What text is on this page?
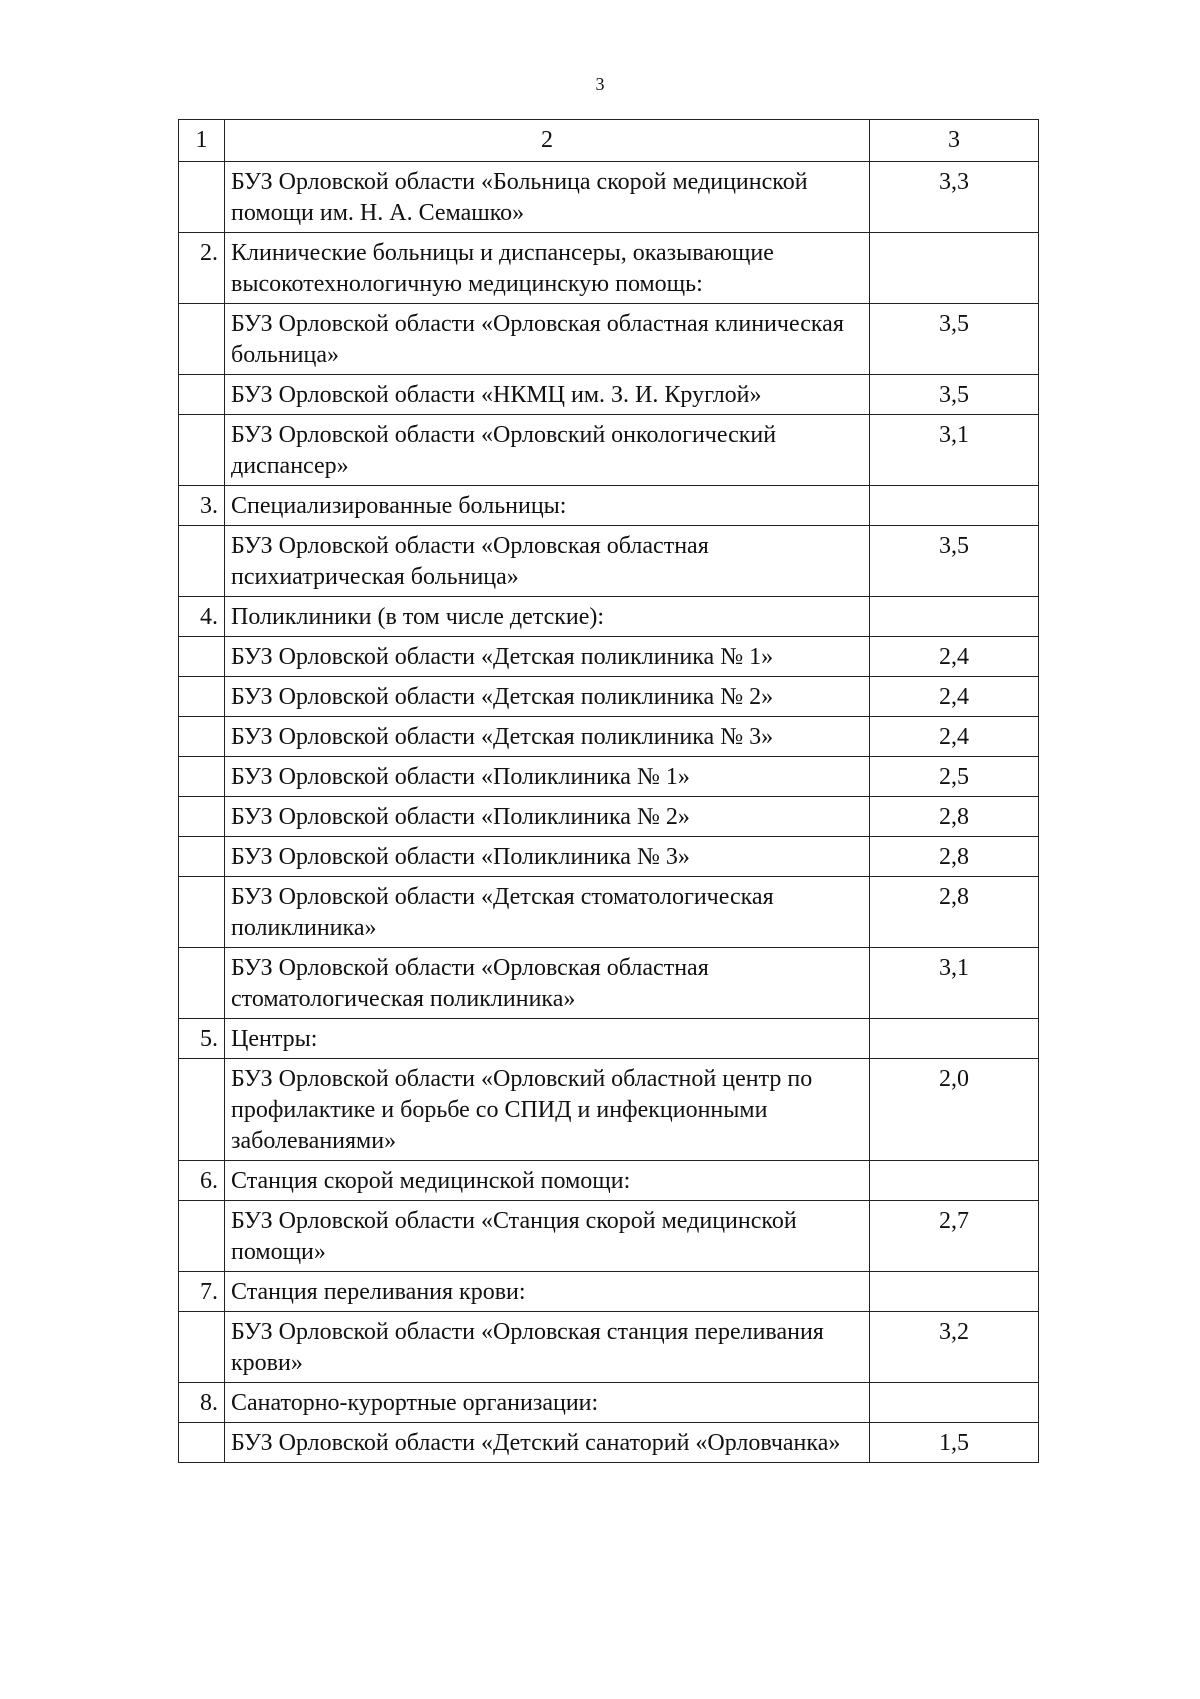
3
1	2	3
	БУЗ Орловской области «Больница скорой медицинской помощи им. Н. А. Семашко»	3,3
2.	Клинические больницы и диспансеры, оказывающие высокотехнологичную медицинскую помощь:	
	БУЗ Орловской области «Орловская областная клиническая больница»	3,5
	БУЗ Орловской области «НКМЦ им. З. И. Круглой»	3,5
	БУЗ Орловской области «Орловский онкологический диспансер»	3,1
3.	Специализированные больницы:	
	БУЗ Орловской области «Орловская областная психиатрическая больница»	3,5
4.	Поликлиники (в том числе детские):	
	БУЗ Орловской области «Детская поликлиника № 1»	2,4
	БУЗ Орловской области «Детская поликлиника № 2»	2,4
	БУЗ Орловской области «Детская поликлиника № 3»	2,4
	БУЗ Орловской области «Поликлиника № 1»	2,5
	БУЗ Орловской области «Поликлиника № 2»	2,8
	БУЗ Орловской области «Поликлиника № 3»	2,8
	БУЗ Орловской области «Детская стоматологическая поликлиника»	2,8
	БУЗ Орловской области «Орловская областная стоматологическая поликлиника»	3,1
5.	Центры:	
	БУЗ Орловской области «Орловский областной центр по профилактике и борьбе со СПИД и инфекционными заболеваниями»	2,0
6.	Станция скорой медицинской помощи:	
	БУЗ Орловской области «Станция скорой медицинской помощи»	2,7
7.	Станция переливания крови:	
	БУЗ Орловской области «Орловская станция переливания крови»	3,2
8.	Санаторно-курортные организации:	
	БУЗ Орловской области «Детский санаторий «Орловчанка»	1,5
